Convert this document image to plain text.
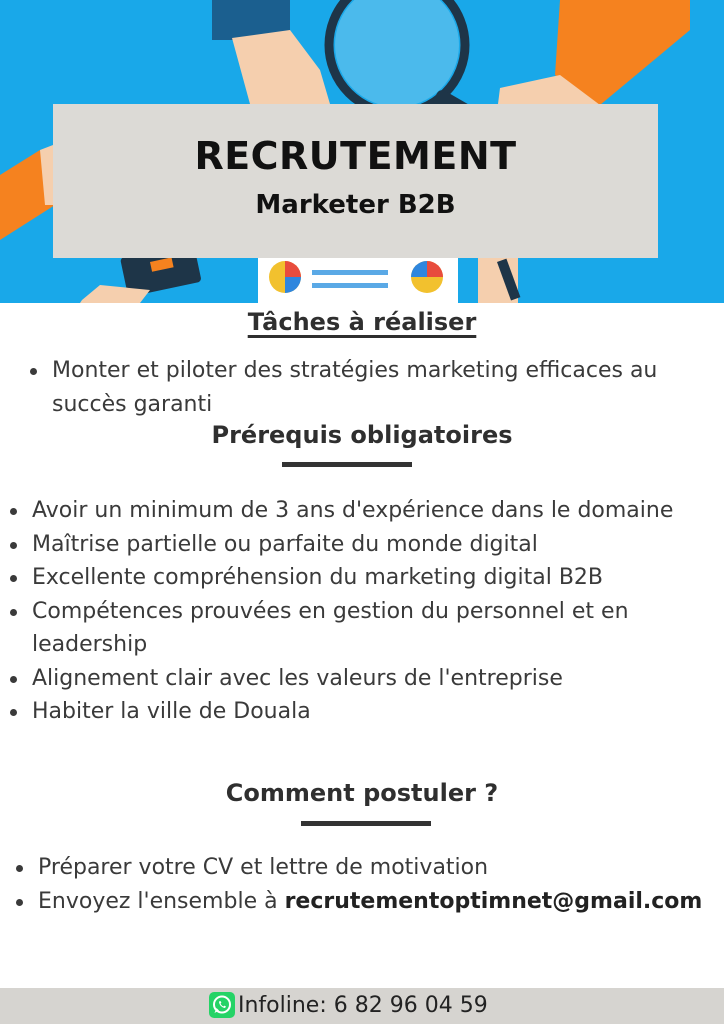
RECRUTEMENT
Marketer B2B
Tâches à réaliser
Monter et piloter des stratégies marketing efficaces au succès garanti
Prérequis obligatoires
Avoir un minimum de 3 ans d'expérience dans le domaine
Maîtrise partielle ou parfaite du monde digital
Excellente compréhension du marketing digital B2B
Compétences prouvées en gestion du personnel et en leadership
Alignement clair avec les valeurs de l'entreprise
Habiter la ville de Douala
Comment postuler ?
Préparer votre CV et lettre de motivation
Envoyez l'ensemble à recrutementoptimnet@gmail.com
Infoline: 6 82 96 04 59
